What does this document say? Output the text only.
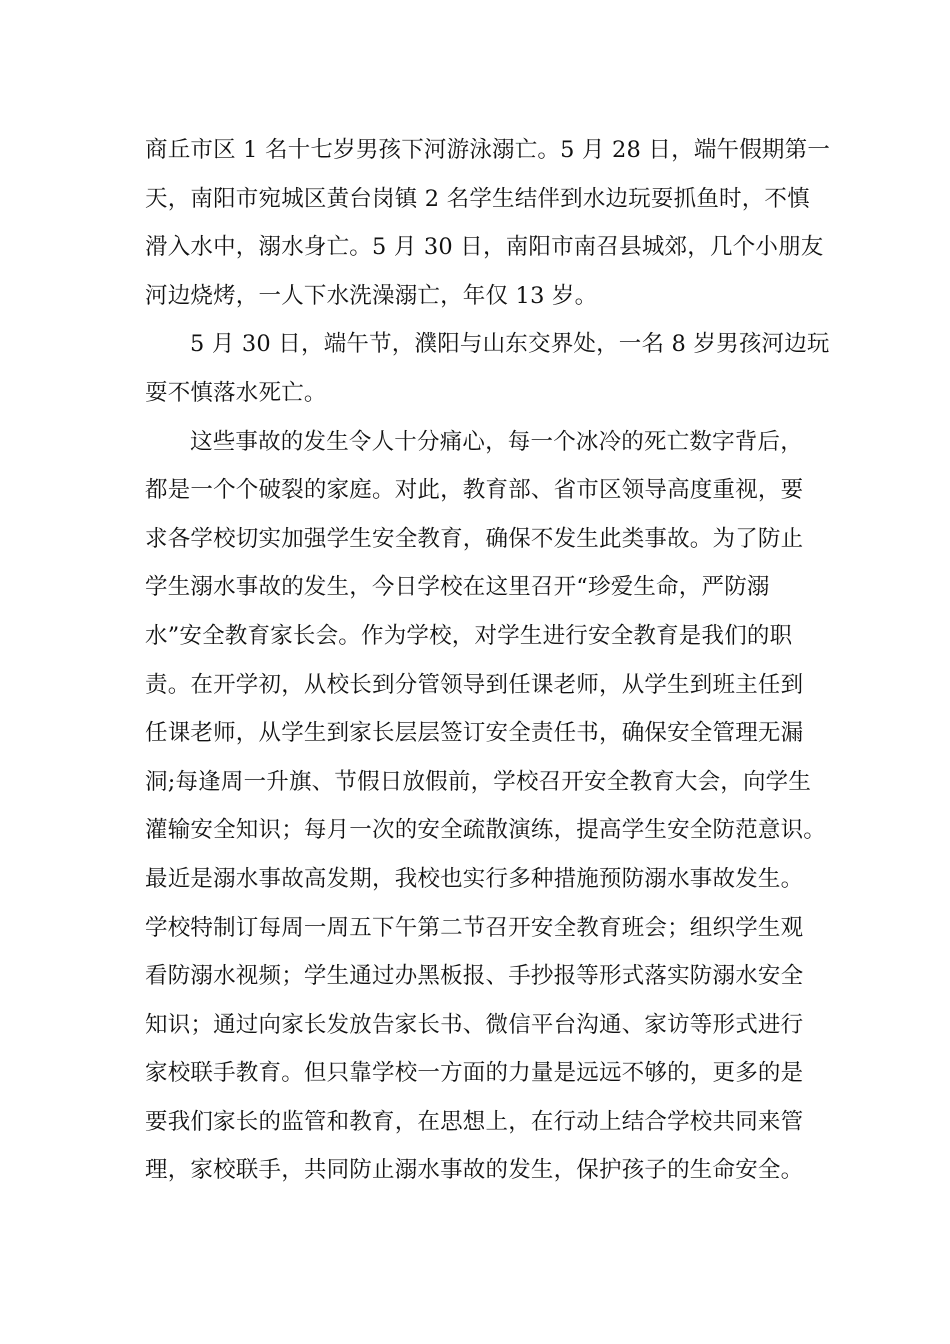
商丘市区 1 名十七岁男孩下河游泳溺亡。5 月 28 日，端午假期第一
天，南阳市宛城区黄台岗镇 2 名学生结伴到水边玩耍抓鱼时，不慎
滑入水中，溺水身亡。5 月 30 日，南阳市南召县城郊，几个小朋友
河边烧烤，一人下水洗澡溺亡，年仅 13 岁。
5 月 30 日，端午节，濮阳与山东交界处，一名 8 岁男孩河边玩
耍不慎落水死亡。
这些事故的发生令人十分痛心，每一个冰冷的死亡数字背后，
都是一个个破裂的家庭。对此，教育部、省市区领导高度重视，要
求各学校切实加强学生安全教育，确保不发生此类事故。为了防止
学生溺水事故的发生，今日学校在这里召开“珍爱生命，严防溺
水”安全教育家长会。作为学校，对学生进行安全教育是我们的职
责。在开学初，从校长到分管领导到任课老师，从学生到班主任到
任课老师，从学生到家长层层签订安全责任书，确保安全管理无漏
洞;每逢周一升旗、节假日放假前，学校召开安全教育大会，向学生
灌输安全知识；每月一次的安全疏散演练，提高学生安全防范意识。
最近是溺水事故高发期，我校也实行多种措施预防溺水事故发生。
学校特制订每周一周五下午第二节召开安全教育班会；组织学生观
看防溺水视频；学生通过办黑板报、手抄报等形式落实防溺水安全
知识；通过向家长发放告家长书、微信平台沟通、家访等形式进行
家校联手教育。但只靠学校一方面的力量是远远不够的，更多的是
要我们家长的监管和教育，在思想上，在行动上结合学校共同来管
理，家校联手，共同防止溺水事故的发生，保护孩子的生命安全。
